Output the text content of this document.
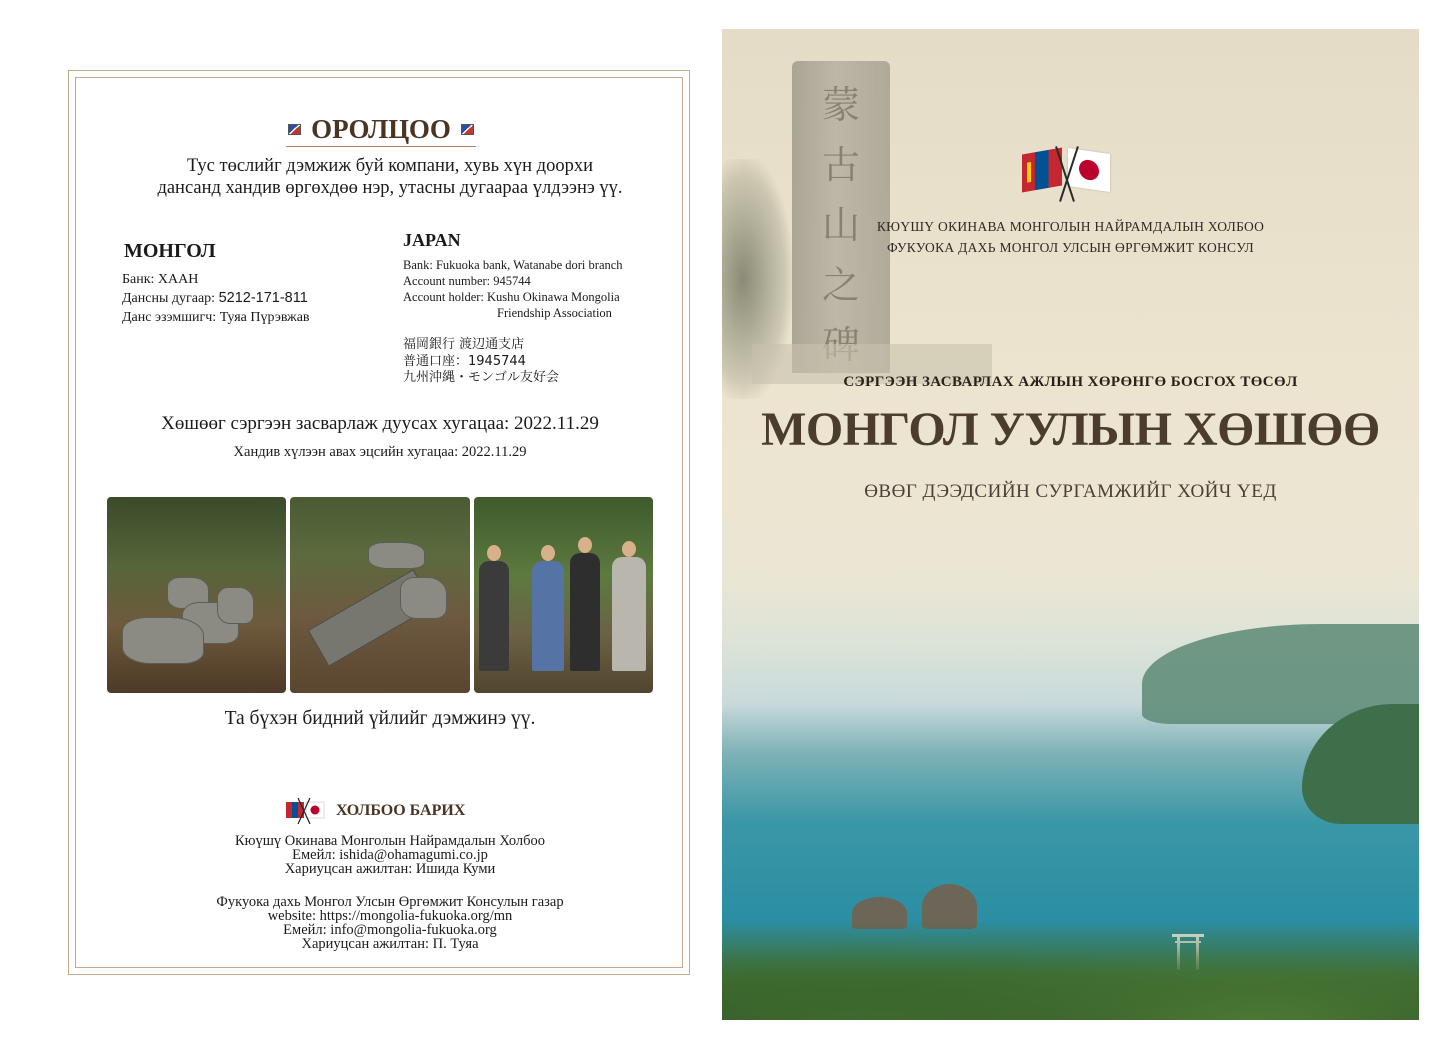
ОРОЛЦОО
Тус төслийг дэмжиж буй компани, хувь хүн доорхи
дансанд хандив өргөхдөө нэр, утасны дугаараа үлдээнэ үү.
МОНГОЛ
Банк: ХААН
Дансны дугаар: 5212-171-811
Данс эзэмшигч: Туяа Пүрэвжав
JAPAN
Bank: Fukuoka bank, Watanabe dori branch
Account number: 945744
Account holder: Kushu Okinawa Mongolia
Friendship Association
福岡銀行 渡辺通支店
普通口座：1945744
九州沖縄・モンゴル友好会
Хөшөөг сэргээн засварлаж дуусах хугацаа: 2022.11.29
Хандив хүлээн авах эцсийн хугацаа: 2022.11.29
Та бүхэн бидний үйлийг дэмжинэ үү.
ХОЛБОО БАРИХ
Кюүшү Окинава Монголын Найрамдалын Холбоо
Емейл: ishida@ohamagumi.co.jp
Хариуцсан ажилтан: Ишида Куми
Фукуока дахь Монгол Улсын Өргөмжит Консулын газар
website: https://mongolia-fukuoka.org/mn
Емейл: info@mongolia-fukuoka.org
Хариуцсан ажилтан: П. Туяа
蒙
古
山
之
КЮҮШҮ ОКИНАВА МОНГОЛЫН НАЙРАМДАЛЫН ХОЛБОО
ФУКУОКА ДАХЬ МОНГОЛ УЛСЫН ӨРГӨМЖИТ КОНСУЛ
СЭРГЭЭН ЗАСВАРЛАХ АЖЛЫН ХӨРӨНГӨ БОСГОХ ТӨСӨЛ
МОНГОЛ УУЛЫН ХӨШӨӨ
ӨВӨГ ДЭЭДСИЙН СУРГАМЖИЙГ ХОЙЧ ҮЕД
